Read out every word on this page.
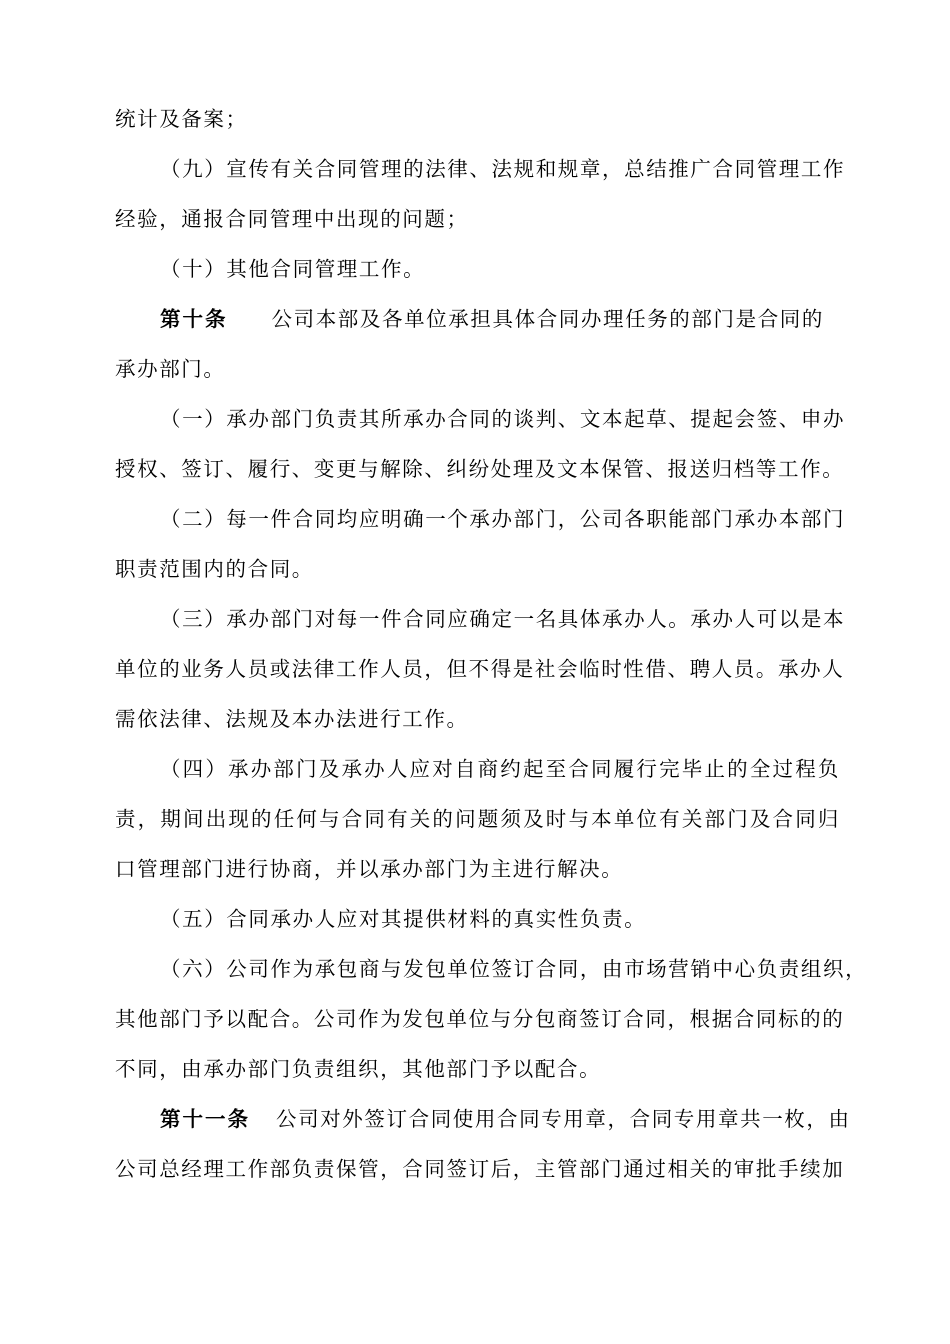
统计及备案；
（九）宣传有关合同管理的法律、法规和规章，总结推广合同管理工作
经验，通报合同管理中出现的问题；
（十）其他合同管理工作。
第十条 公司本部及各单位承担具体合同办理任务的部门是合同的
承办部门。
（一）承办部门负责其所承办合同的谈判、文本起草、提起会签、申办
授权、签订、履行、变更与解除、纠纷处理及文本保管、报送归档等工作。
（二）每一件合同均应明确一个承办部门，公司各职能部门承办本部门
职责范围内的合同。
（三）承办部门对每一件合同应确定一名具体承办人。承办人可以是本
单位的业务人员或法律工作人员，但不得是社会临时性借、聘人员。承办人
需依法律、法规及本办法进行工作。
（四）承办部门及承办人应对自商约起至合同履行完毕止的全过程负
责，期间出现的任何与合同有关的问题须及时与本单位有关部门及合同归
口管理部门进行协商，并以承办部门为主进行解决。
（五）合同承办人应对其提供材料的真实性负责。
（六）公司作为承包商与发包单位签订合同，由市场营销中心负责组织，
其他部门予以配合。公司作为发包单位与分包商签订合同，根据合同标的的
不同，由承办部门负责组织，其他部门予以配合。
第十一条 公司对外签订合同使用合同专用章，合同专用章共一枚，由
公司总经理工作部负责保管，合同签订后，主管部门通过相关的审批手续加
